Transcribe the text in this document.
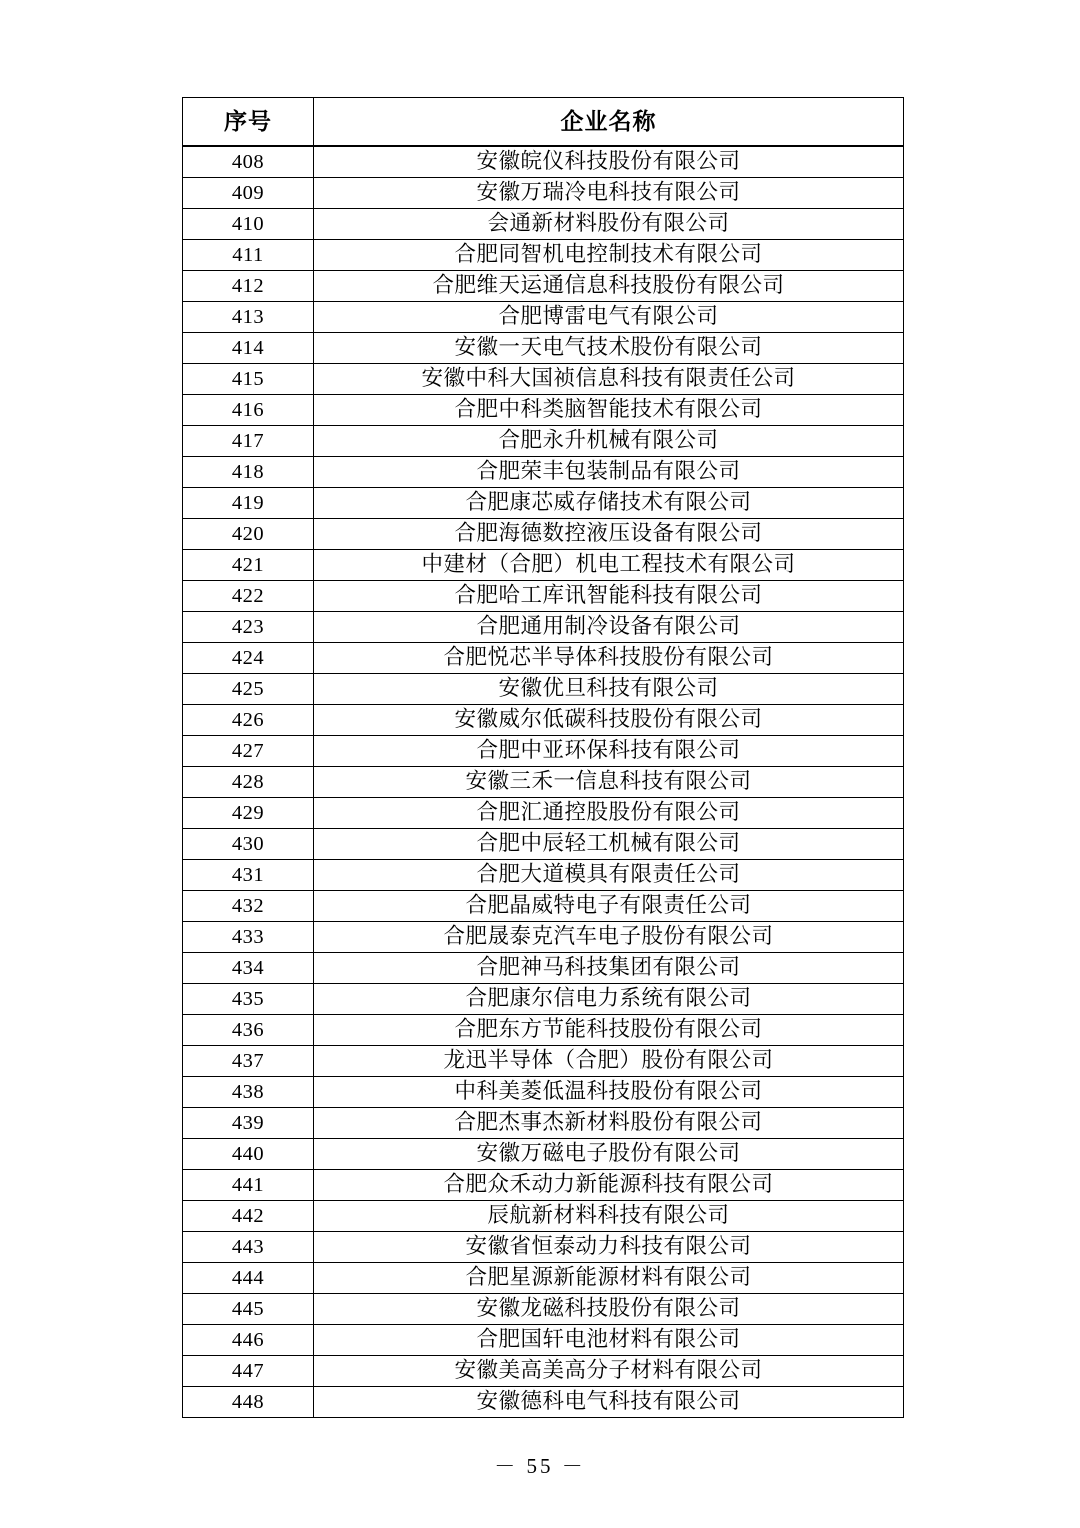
序号	企业名称
408	安徽皖仪科技股份有限公司
409	安徽万瑞冷电科技有限公司
410	会通新材料股份有限公司
411	合肥同智机电控制技术有限公司
412	合肥维天运通信息科技股份有限公司
413	合肥博雷电气有限公司
414	安徽一天电气技术股份有限公司
415	安徽中科大国祯信息科技有限责任公司
416	合肥中科类脑智能技术有限公司
417	合肥永升机械有限公司
418	合肥荣丰包装制品有限公司
419	合肥康芯威存储技术有限公司
420	合肥海德数控液压设备有限公司
421	中建材（合肥）机电工程技术有限公司
422	合肥哈工库讯智能科技有限公司
423	合肥通用制冷设备有限公司
424	合肥悦芯半导体科技股份有限公司
425	安徽优旦科技有限公司
426	安徽威尔低碳科技股份有限公司
427	合肥中亚环保科技有限公司
428	安徽三禾一信息科技有限公司
429	合肥汇通控股股份有限公司
430	合肥中辰轻工机械有限公司
431	合肥大道模具有限责任公司
432	合肥晶威特电子有限责任公司
433	合肥晟泰克汽车电子股份有限公司
434	合肥神马科技集团有限公司
435	合肥康尔信电力系统有限公司
436	合肥东方节能科技股份有限公司
437	龙迅半导体（合肥）股份有限公司
438	中科美菱低温科技股份有限公司
439	合肥杰事杰新材料股份有限公司
440	安徽万磁电子股份有限公司
441	合肥众禾动力新能源科技有限公司
442	辰航新材料科技有限公司
443	安徽省恒泰动力科技有限公司
444	合肥星源新能源材料有限公司
445	安徽龙磁科技股份有限公司
446	合肥国轩电池材料有限公司
447	安徽美高美高分子材料有限公司
448	安徽德科电气科技有限公司
－ 55 －
